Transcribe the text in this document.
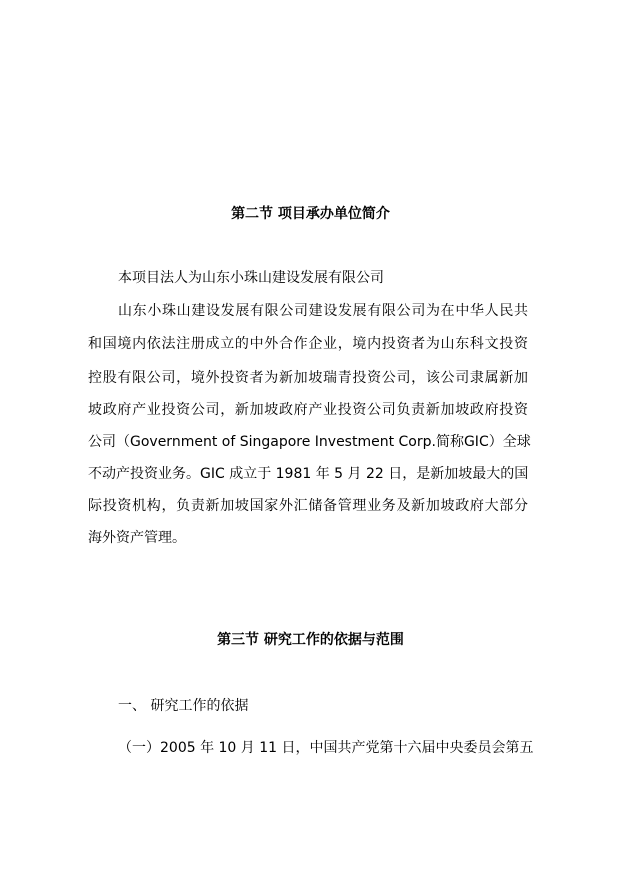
第二节 项目承办单位简介
本项目法人为山东小珠山建设发展有限公司
山东小珠山建设发展有限公司建设发展有限公司为在中华人民共
和国境内依法注册成立的中外合作企业，境内投资者为山东科文投资
控股有限公司，境外投资者为新加坡瑞青投资公司，该公司隶属新加
坡政府产业投资公司，新加坡政府产业投资公司负责新加坡政府投资
公司（Government of Singapore Investment Corp.简称GIC）全球
不动产投资业务。GIC 成立于 1981 年 5 月 22 日，是新加坡最大的国
际投资机构，负责新加坡国家外汇储备管理业务及新加坡政府大部分
海外资产管理。
第三节 研究工作的依据与范围
一、 研究工作的依据
（一）2005 年 10 月 11 日，中国共产党第十六届中央委员会第五
